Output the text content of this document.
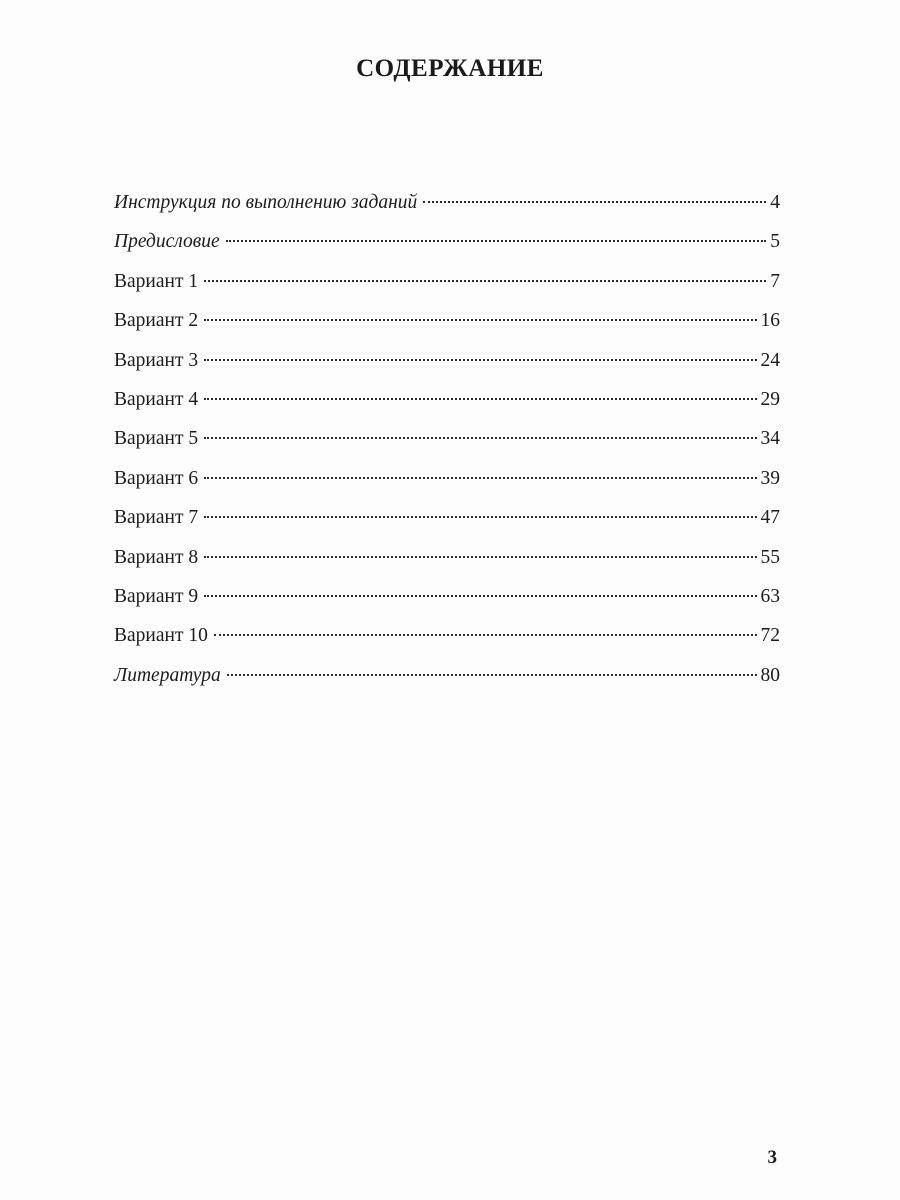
СОДЕРЖАНИЕ
Инструкция по выполнению заданий	4
Предисловие	5
Вариант 1	7
Вариант 2	16
Вариант 3	24
Вариант 4	29
Вариант 5	34
Вариант 6	39
Вариант 7	47
Вариант 8	55
Вариант 9	63
Вариант 10	72
Литература	80
3
